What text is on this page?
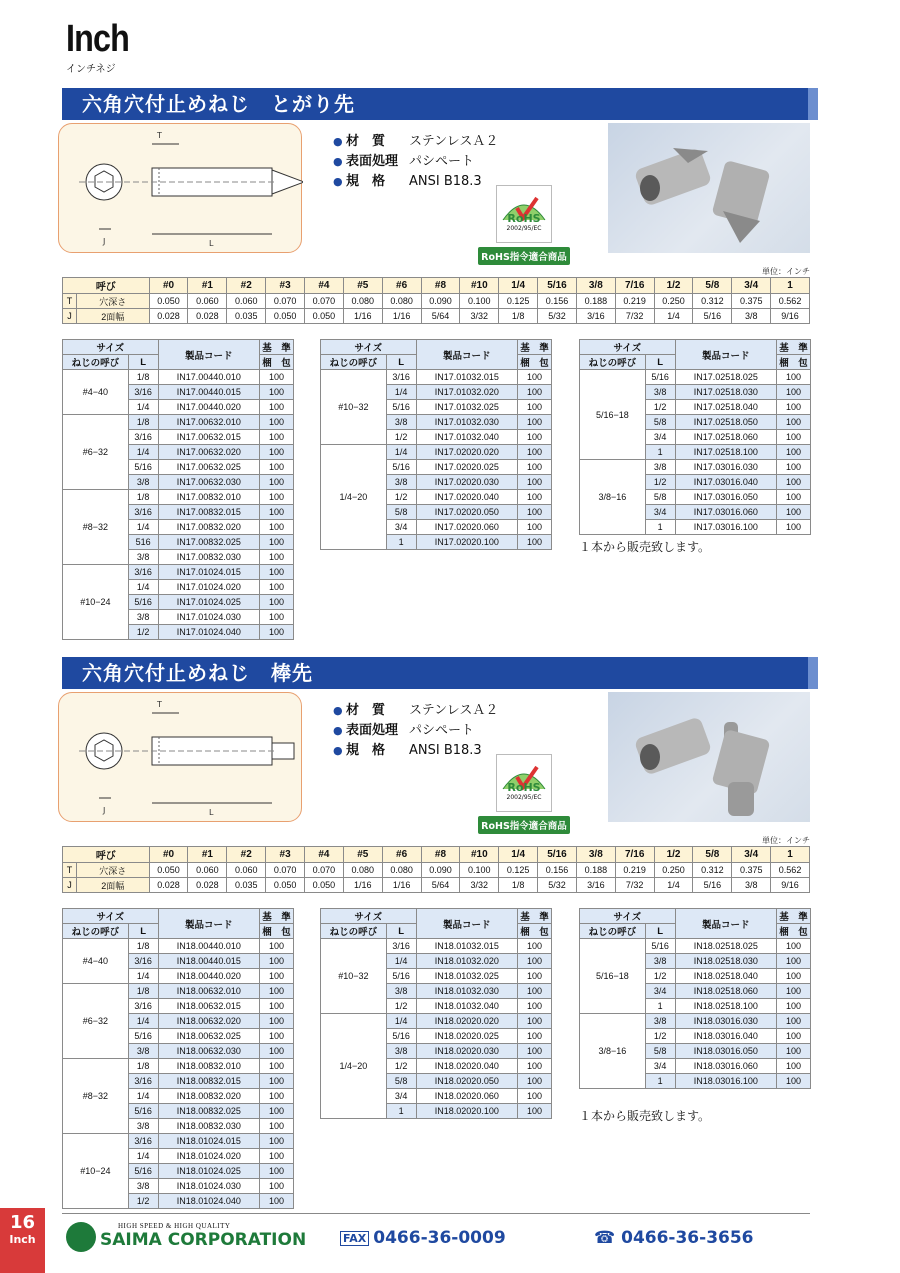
Inch
インチネジ
六角穴付止めねじ　とがり先
T
L
J
● 材　質	ステンレスＡ２
● 表面処理 パシペート
● 規　格	ANSI B18.3
RoHS
2002/95/EC
RoHS指令適合商品
単位：インチ
呼び		#0	#1	#2	#3	#4	#5	#6	#8	#10	1/4	5/16	3/8	7/16	1/2	5/8	3/4	1
T	穴深さ	0.050	0.060	0.060	0.070	0.070	0.080	0.080	0.090	0.100	0.125	0.156	0.188	0.219	0.250	0.312	0.375	0.562
J	2面幅	0.028	0.028	0.035	0.050	0.050	1/16	1/16	5/64	3/32	1/8	5/32	3/16	7/32	1/4	5/16	3/8	9/16
サイズ		製品コード	基　準
ねじの呼び	L		梱　包
#4−40	1/8	IN17.00440.010	100
	3/16	IN17.00440.015	100
	1/4	IN17.00440.020	100
#6−32	1/8	IN17.00632.010	100
	3/16	IN17.00632.015	100
	1/4	IN17.00632.020	100
	5/16	IN17.00632.025	100
	3/8	IN17.00632.030	100
#8−32	1/8	IN17.00832.010	100
	3/16	IN17.00832.015	100
	1/4	IN17.00832.020	100
	516	IN17.00832.025	100
	3/8	IN17.00832.030	100
#10−24	3/16	IN17.01024.015	100
	1/4	IN17.01024.020	100
	5/16	IN17.01024.025	100
	3/8	IN17.01024.030	100
	1/2	IN17.01024.040	100
サイズ		製品コード	基　準
ねじの呼び	L		梱　包
#10−32	3/16	IN17.01032.015	100
	1/4	IN17.01032.020	100
	5/16	IN17.01032.025	100
	3/8	IN17.01032.030	100
	1/2	IN17.01032.040	100
1/4−20	1/4	IN17.02020.020	100
	5/16	IN17.02020.025	100
	3/8	IN17.02020.030	100
	1/2	IN17.02020.040	100
	5/8	IN17.02020.050	100
	3/4	IN17.02020.060	100
	1	IN17.02020.100	100
サイズ		製品コード	基　準
ねじの呼び	L		梱　包
5/16−18	5/16	IN17.02518.025	100
	3/8	IN17.02518.030	100
	1/2	IN17.02518.040	100
	5/8	IN17.02518.050	100
	3/4	IN17.02518.060	100
	1	IN17.02518.100	100
3/8−16	3/8	IN17.03016.030	100
	1/2	IN17.03016.040	100
	5/8	IN17.03016.050	100
	3/4	IN17.03016.060	100
	1	IN17.03016.100	100
１本から販売致します。
六角穴付止めねじ　棒先
T
L
J
● 材　質	ステンレスＡ２
● 表面処理 パシペート
● 規　格	ANSI B18.3
RoHS
2002/95/EC
RoHS指令適合商品
単位：インチ
呼び		#0	#1	#2	#3	#4	#5	#6	#8	#10	1/4	5/16	3/8	7/16	1/2	5/8	3/4	1
T	穴深さ	0.050	0.060	0.060	0.070	0.070	0.080	0.080	0.090	0.100	0.125	0.156	0.188	0.219	0.250	0.312	0.375	0.562
J	2面幅	0.028	0.028	0.035	0.050	0.050	1/16	1/16	5/64	3/32	1/8	5/32	3/16	7/32	1/4	5/16	3/8	9/16
サイズ		製品コード	基　準
ねじの呼び	L		梱　包
#4−40	1/8	IN18.00440.010	100
	3/16	IN18.00440.015	100
	1/4	IN18.00440.020	100
#6−32	1/8	IN18.00632.010	100
	3/16	IN18.00632.015	100
	1/4	IN18.00632.020	100
	5/16	IN18.00632.025	100
	3/8	IN18.00632.030	100
#8−32	1/8	IN18.00832.010	100
	3/16	IN18.00832.015	100
	1/4	IN18.00832.020	100
	5/16	IN18.00832.025	100
	3/8	IN18.00832.030	100
#10−24	3/16	IN18.01024.015	100
	1/4	IN18.01024.020	100
	5/16	IN18.01024.025	100
	3/8	IN18.01024.030	100
	1/2	IN18.01024.040	100
サイズ		製品コード	基　準
ねじの呼び	L		梱　包
#10−32	3/16	IN18.01032.015	100
	1/4	IN18.01032.020	100
	5/16	IN18.01032.025	100
	3/8	IN18.01032.030	100
	1/2	IN18.01032.040	100
1/4−20	1/4	IN18.02020.020	100
	5/16	IN18.02020.025	100
	3/8	IN18.02020.030	100
	1/2	IN18.02020.040	100
	5/8	IN18.02020.050	100
	3/4	IN18.02020.060	100
	1	IN18.02020.100	100
サイズ		製品コード	基　準
ねじの呼び	L		梱　包
5/16−18	5/16	IN18.02518.025	100
	3/8	IN18.02518.030	100
	1/2	IN18.02518.040	100
	3/4	IN18.02518.060	100
	1	IN18.02518.100	100
3/8−16	3/8	IN18.03016.030	100
	1/2	IN18.03016.040	100
	5/8	IN18.03016.050	100
	3/4	IN18.03016.060	100
	1	IN18.03016.100	100
１本から販売致します。
16
Inch
HIGH SPEED & HIGH QUALITY
SAIMA CORPORATION	FAX 0466-36-0009	☎ 0466-36-3656
